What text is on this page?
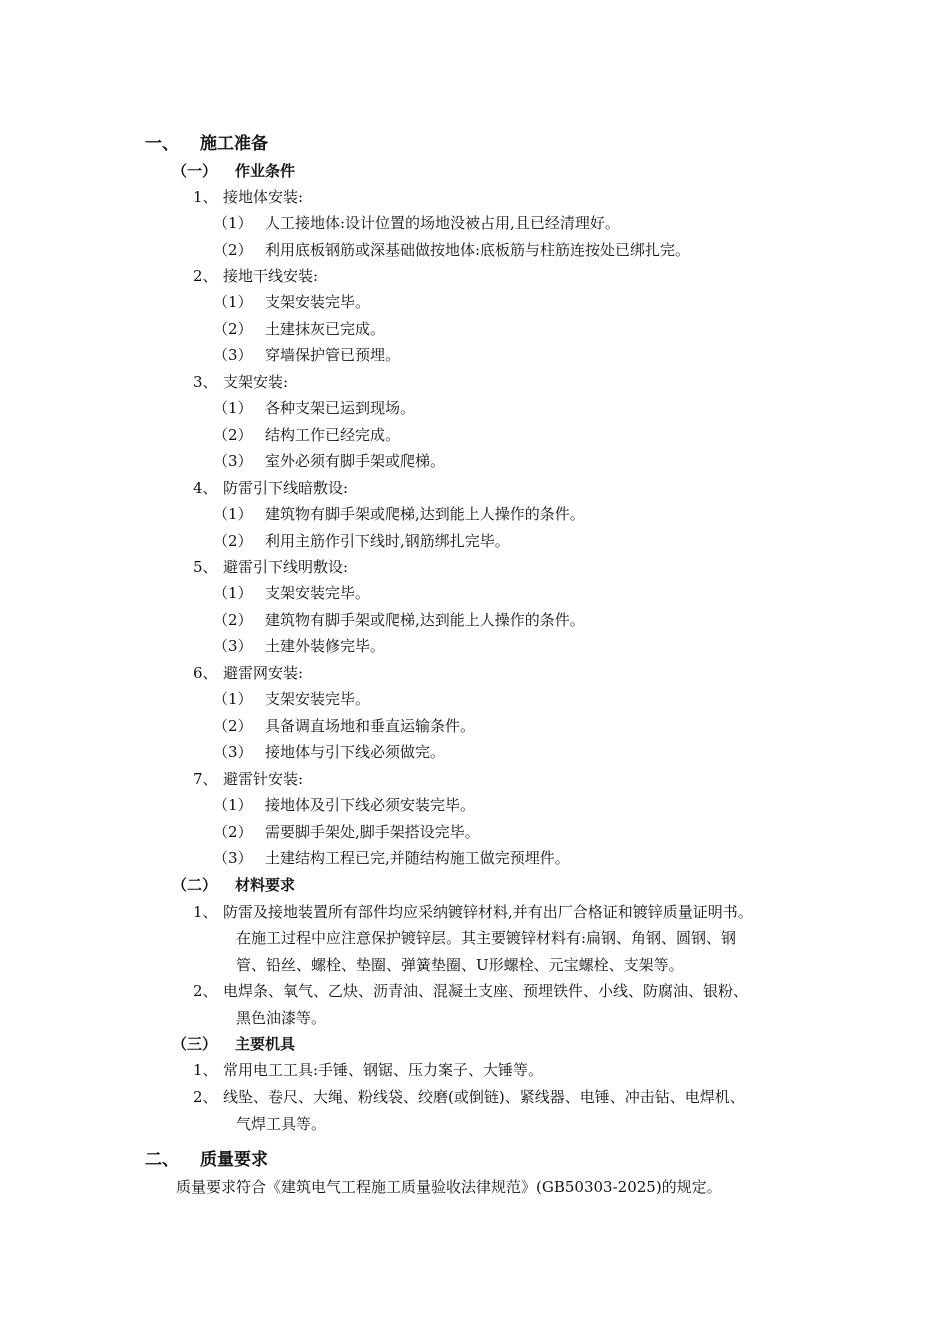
一、 施工准备
（一） 作业条件
1、 接地体安装:
（1） 人工接地体:设计位置的场地没被占用,且已经清理好。
（2） 利用底板钢筋或深基础做按地体:底板筋与柱筋连按处已绑扎完。
2、 接地干线安装:
（1） 支架安装完毕。
（2） 土建抹灰已完成。
（3） 穿墙保护管已预埋。
3、 支架安装:
（1） 各种支架已运到现场。
（2） 结构工作已经完成。
（3） 室外必须有脚手架或爬梯。
4、 防雷引下线暗敷设:
（1） 建筑物有脚手架或爬梯,达到能上人操作的条件。
（2） 利用主筋作引下线时,钢筋绑扎完毕。
5、 避雷引下线明敷设:
（1） 支架安装完毕。
（2） 建筑物有脚手架或爬梯,达到能上人操作的条件。
（3） 土建外装修完毕。
6、 避雷网安装:
（1） 支架安装完毕。
（2） 具备调直场地和垂直运输条件。
（3） 接地体与引下线必须做完。
7、 避雷针安装:
（1） 接地体及引下线必须安装完毕。
（2） 需要脚手架处,脚手架搭设完毕。
（3） 土建结构工程已完,并随结构施工做完预埋件。
（二） 材料要求
1、 防雷及接地装置所有部件均应采纳镀锌材料,并有出厂合格证和镀锌质量证明书。
在施工过程中应注意保护镀锌层。其主要镀锌材料有:扁钢、角钢、圆钢、钢
管、铅丝、螺栓、垫圈、弹簧垫圈、U形螺栓、元宝螺栓、支架等。
2、 电焊条、氧气、乙炔、沥青油、混凝土支座、预埋铁件、小线、防腐油、银粉、
黑色油漆等。
（三） 主要机具
1、 常用电工工具:手锤、钢锯、压力案子、大锤等。
2、 线坠、卷尺、大绳、粉线袋、绞磨(或倒链)、紧线器、电锤、冲击钻、电焊机、
气焊工具等。
二、 质量要求
质量要求符合《建筑电气工程施工质量验收法律规范》(GB50303-2025)的规定。
